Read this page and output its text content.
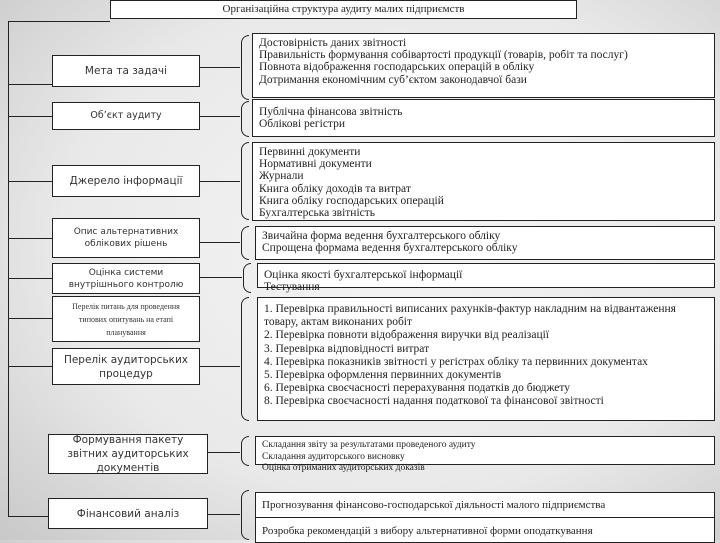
Організаційна структура аудиту малих підприємств
Мета та задачі
Об’єкт аудиту
Джерело інформації
Опис альтернативних облікових рішень
Оцінка системи внутрішнього контролю
Перелік питань для проведення типових опитувань на етапі планування
Перелік аудиторських процедур
Формування пакету звітних аудиторських документів
Фінансовий аналіз
Достовірність даних звітності
Правильність формування собівартості продукції (товарів, робіт та послуг)
Повнота відображення господарських операцій в обліку
Дотримання економічним суб’єктом законодавчої бази
Публічна фінансова звітність
Облікові регістри
Первинні документи
Нормативні документи
Журнали
Книга обліку доходів та витрат
Книга обліку господарських операцій
Бухгалтерська звітність
Звичайна форма ведення бухгалтерського обліку
Спрощена формама ведення бухгалтерського обліку
Оцінка якості бухгалтерської інформації
Тестування
1. Перевірка правильності виписаних рахунків-фактур накладним на відвантаження товару, актам виконаних робіт
2. Перевірка повноти відображення виручки від реалізації
3. Перевірка відповідності витрат
4. Перевірка показників звітності у регістрах обліку та первинних документах
5. Перевірка оформлення первинних документів
6. Перевірка своєчасності перерахування податків до бюджету
8. Перевірка своєчасності надання податкової та фінансової звітності
Складання звіту за результатами проведеного аудиту
Складання аудиторського висновку
Оцінка отриманих аудиторських доказів
Прогнозування фінансово-господарської діяльності малого підприємства
Розробка рекомендацій з вибору альтернативної форми оподаткування
